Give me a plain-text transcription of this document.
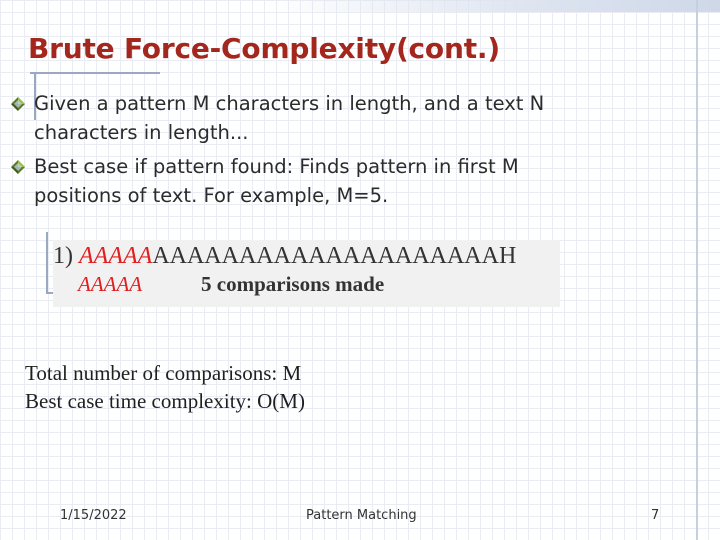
Brute Force-Complexity(cont.)
Given a pattern M characters in length, and a text N characters in length...
Best case if pattern found: Finds pattern in first M positions of text. For example, M=5.
1) AAAAAAAAAAAAAAAAAAAAAAAAAH
AAAAA	5 comparisons made
Total number of comparisons: M
Best case time complexity: O(M)
1/15/2022	Pattern Matching	7
